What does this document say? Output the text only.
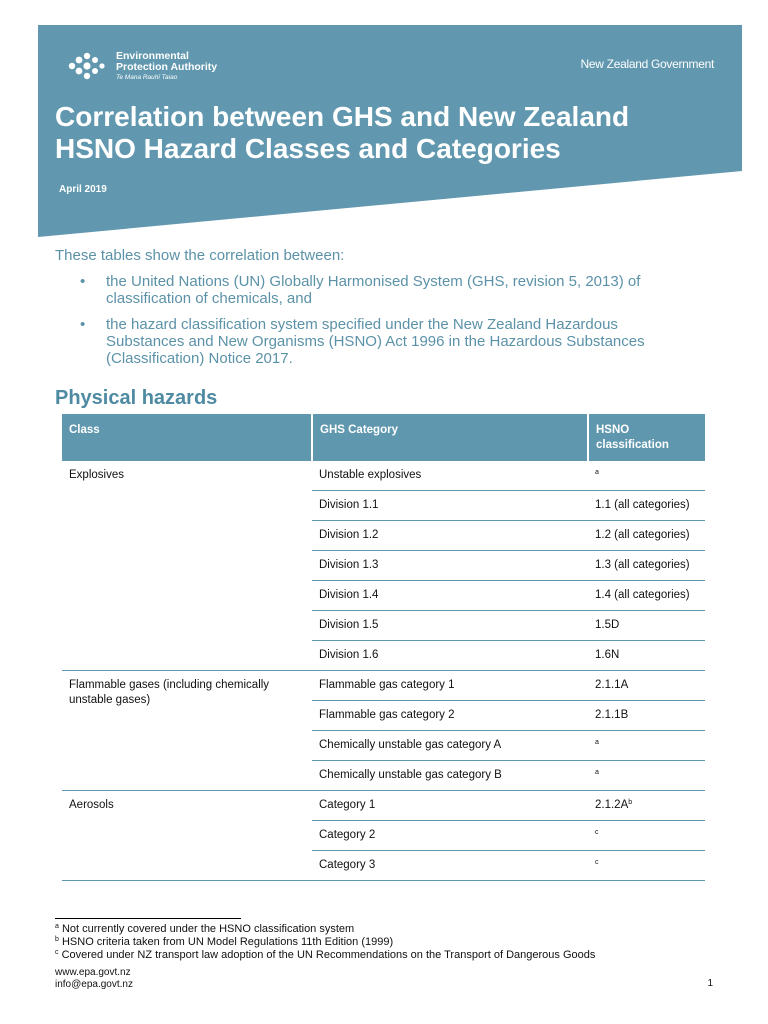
Environmental
Protection Authority
Te Mana Rauhī Taiao
New Zealand Government
Correlation between GHS and New Zealand
HSNO Hazard Classes and Categories
April 2019

These tables show the correlation between:

• the United Nations (UN) Globally Harmonised System (GHS, revision 5, 2013) of classification of chemicals, and
• the hazard classification system specified under the New Zealand Hazardous Substances and New Organisms (HSNO) Act 1996 in the Hazardous Substances (Classification) Notice 2017.
Physical hazards
Class	GHS Category	HSNO classification
Explosives	Unstable explosives	$^a$
	Division 1.1	1.1 (all categories)
	Division 1.2	1.2 (all categories)
	Division 1.3	1.3 (all categories)
	Division 1.4	1.4 (all categories)
	Division 1.5	1.5D
	Division 1.6	1.6N
Flammable gases (including chemically unstable gases)	Flammable gas category 1	2.1.1A
	Flammable gas category 2	2.1.1B
	Chemically unstable gas category A	$^a$
	Chemically unstable gas category B	$^a$
Aerosols	Category 1	$2.1.2A^b$
	Category 2	$^c$
	Category 3	$^c$
$^a$ Not currently covered under the HSNO classification system
$^b$ HSNO criteria taken from UN Model Regulations 11th Edition (1999)
$^c$ Covered under NZ transport law adoption of the UN Recommendations on the Transport of Dangerous Goods
www.epa.govt.nz
info@epa.govt.nz	1
